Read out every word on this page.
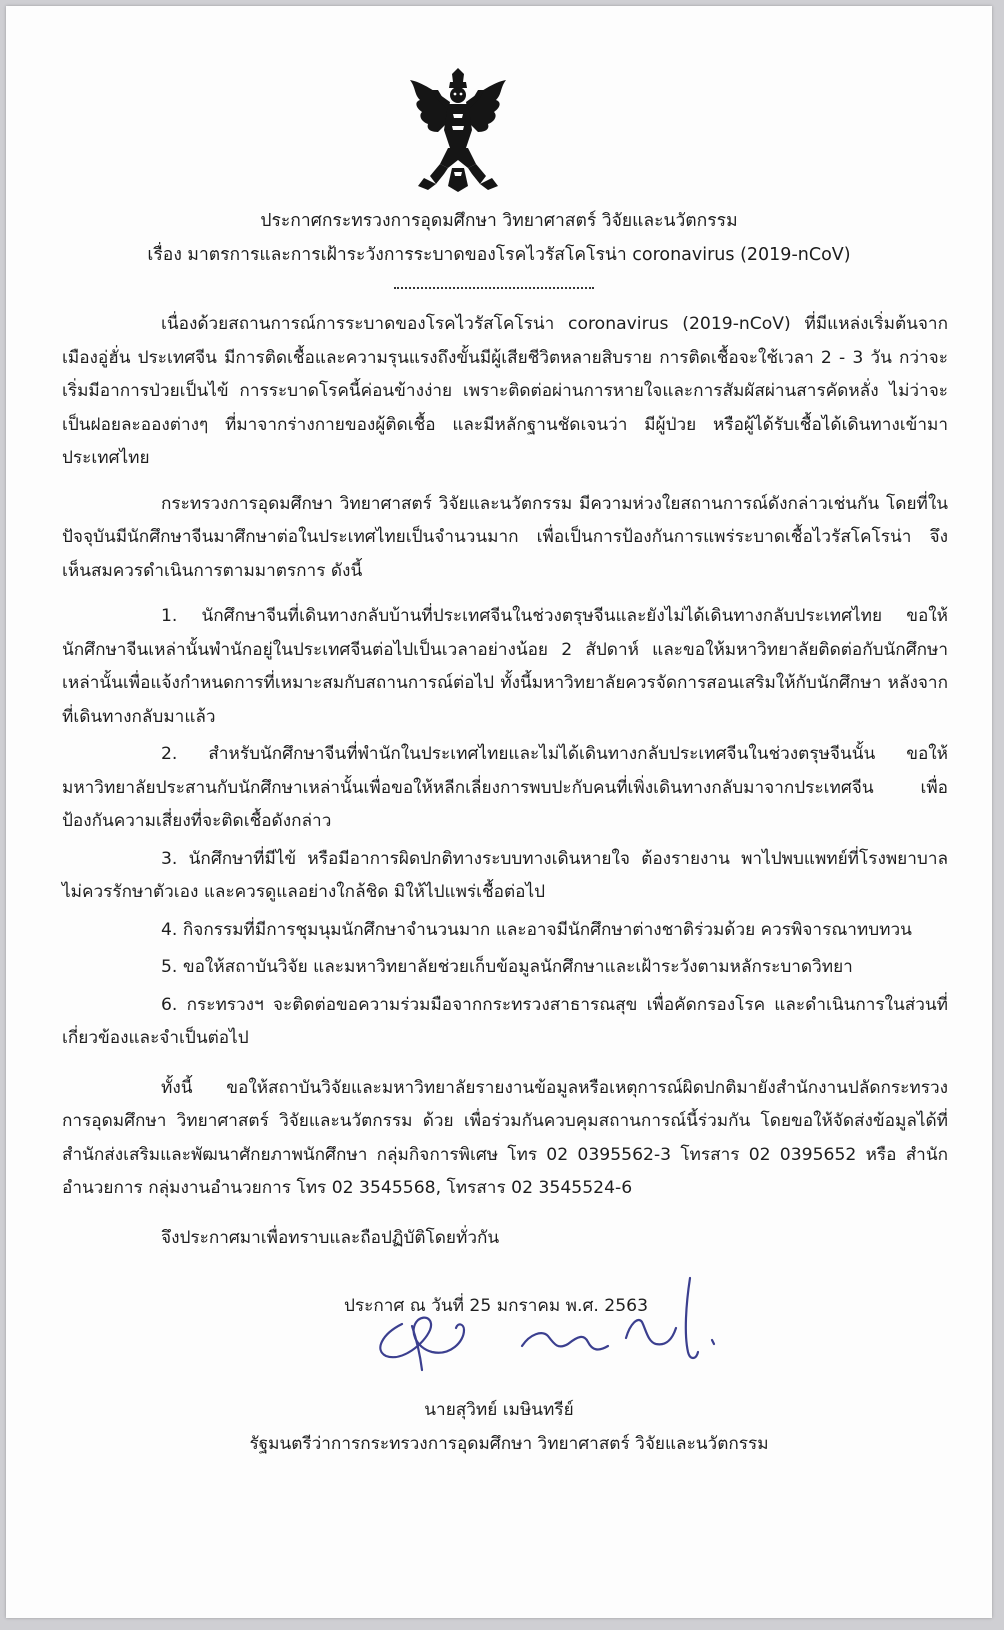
ประกาศกระทรวงการอุดมศึกษา วิทยาศาสตร์ วิจัยและนวัตกรรม
เรื่อง มาตรการและการเฝ้าระวังการระบาดของโรคไวรัสโคโรน่า coronavirus (2019-nCoV)

เนื่องด้วยสถานการณ์การระบาดของโรคไวรัสโคโรน่า coronavirus (2019-nCoV) ที่มีแหล่งเริ่มต้นจากเมืองอู่ฮั่น ประเทศจีน มีการติดเชื้อและความรุนแรงถึงขั้นมีผู้เสียชีวิตหลายสิบราย การติดเชื้อจะใช้เวลา 2 - 3 วัน กว่าจะเริ่มมีอาการป่วยเป็นไข้ การระบาดโรคนี้ค่อนข้างง่าย เพราะติดต่อผ่านการหายใจและการสัมผัสผ่านสารคัดหลั่ง ไม่ว่าจะเป็นฝอยละอองต่างๆ ที่มาจากร่างกายของผู้ติดเชื้อ และมีหลักฐานชัดเจนว่า มีผู้ป่วย หรือผู้ได้รับเชื้อได้เดินทางเข้ามาประเทศไทย

กระทรวงการอุดมศึกษา วิทยาศาสตร์ วิจัยและนวัตกรรม มีความห่วงใยสถานการณ์ดังกล่าวเช่นกัน โดยที่ในปัจจุบันมีนักศึกษาจีนมาศึกษาต่อในประเทศไทยเป็นจำนวนมาก เพื่อเป็นการป้องกันการแพร่ระบาดเชื้อไวรัสโคโรน่า จึงเห็นสมควรดำเนินการตามมาตรการ ดังนี้

1. นักศึกษาจีนที่เดินทางกลับบ้านที่ประเทศจีนในช่วงตรุษจีนและยังไม่ได้เดินทางกลับประเทศไทย ขอให้นักศึกษาจีนเหล่านั้นพำนักอยู่ในประเทศจีนต่อไปเป็นเวลาอย่างน้อย 2 สัปดาห์ และขอให้มหาวิทยาลัยติดต่อกับนักศึกษาเหล่านั้นเพื่อแจ้งกำหนดการที่เหมาะสมกับสถานการณ์ต่อไป ทั้งนี้มหาวิทยาลัยควรจัดการสอนเสริมให้กับนักศึกษา หลังจากที่เดินทางกลับมาแล้ว

2. สำหรับนักศึกษาจีนที่พำนักในประเทศไทยและไม่ได้เดินทางกลับประเทศจีนในช่วงตรุษจีนนั้น ขอให้มหาวิทยาลัยประสานกับนักศึกษาเหล่านั้นเพื่อขอให้หลีกเลี่ยงการพบปะกับคนที่เพิ่งเดินทางกลับมาจากประเทศจีน เพื่อป้องกันความเสี่ยงที่จะติดเชื้อดังกล่าว

3. นักศึกษาที่มีไข้ หรือมีอาการผิดปกติทางระบบทางเดินหายใจ ต้องรายงาน พาไปพบแพทย์ที่โรงพยาบาล ไม่ควรรักษาตัวเอง และควรดูแลอย่างใกล้ชิด มิให้ไปแพร่เชื้อต่อไป

4. กิจกรรมที่มีการชุมนุมนักศึกษาจำนวนมาก และอาจมีนักศึกษาต่างชาติร่วมด้วย ควรพิจารณาทบทวน

5. ขอให้สถาบันวิจัย และมหาวิทยาลัยช่วยเก็บข้อมูลนักศึกษาและเฝ้าระวังตามหลักระบาดวิทยา

6. กระทรวงฯ จะติดต่อขอความร่วมมือจากกระทรวงสาธารณสุข เพื่อคัดกรองโรค และดำเนินการในส่วนที่เกี่ยวข้องและจำเป็นต่อไป

ทั้งนี้ ขอให้สถาบันวิจัยและมหาวิทยาลัยรายงานข้อมูลหรือเหตุการณ์ผิดปกติมายังสำนักงานปลัดกระทรวงการอุดมศึกษา วิทยาศาสตร์ วิจัยและนวัตกรรม ด้วย เพื่อร่วมกันควบคุมสถานการณ์นี้ร่วมกัน โดยขอให้จัดส่งข้อมูลได้ที่ สำนักส่งเสริมและพัฒนาศักยภาพนักศึกษา กลุ่มกิจการพิเศษ โทร 02 0395562-3 โทรสาร 02 0395652 หรือ สำนักอำนวยการ กลุ่มงานอำนวยการ โทร 02 3545568, โทรสาร 02 3545524-6

จึงประกาศมาเพื่อทราบและถือปฏิบัติโดยทั่วกัน

ประกาศ ณ วันที่ 25 มกราคม พ.ศ. 2563
นายสุวิทย์ เมษินทรีย์
รัฐมนตรีว่าการกระทรวงการอุดมศึกษา วิทยาศาสตร์ วิจัยและนวัตกรรม
